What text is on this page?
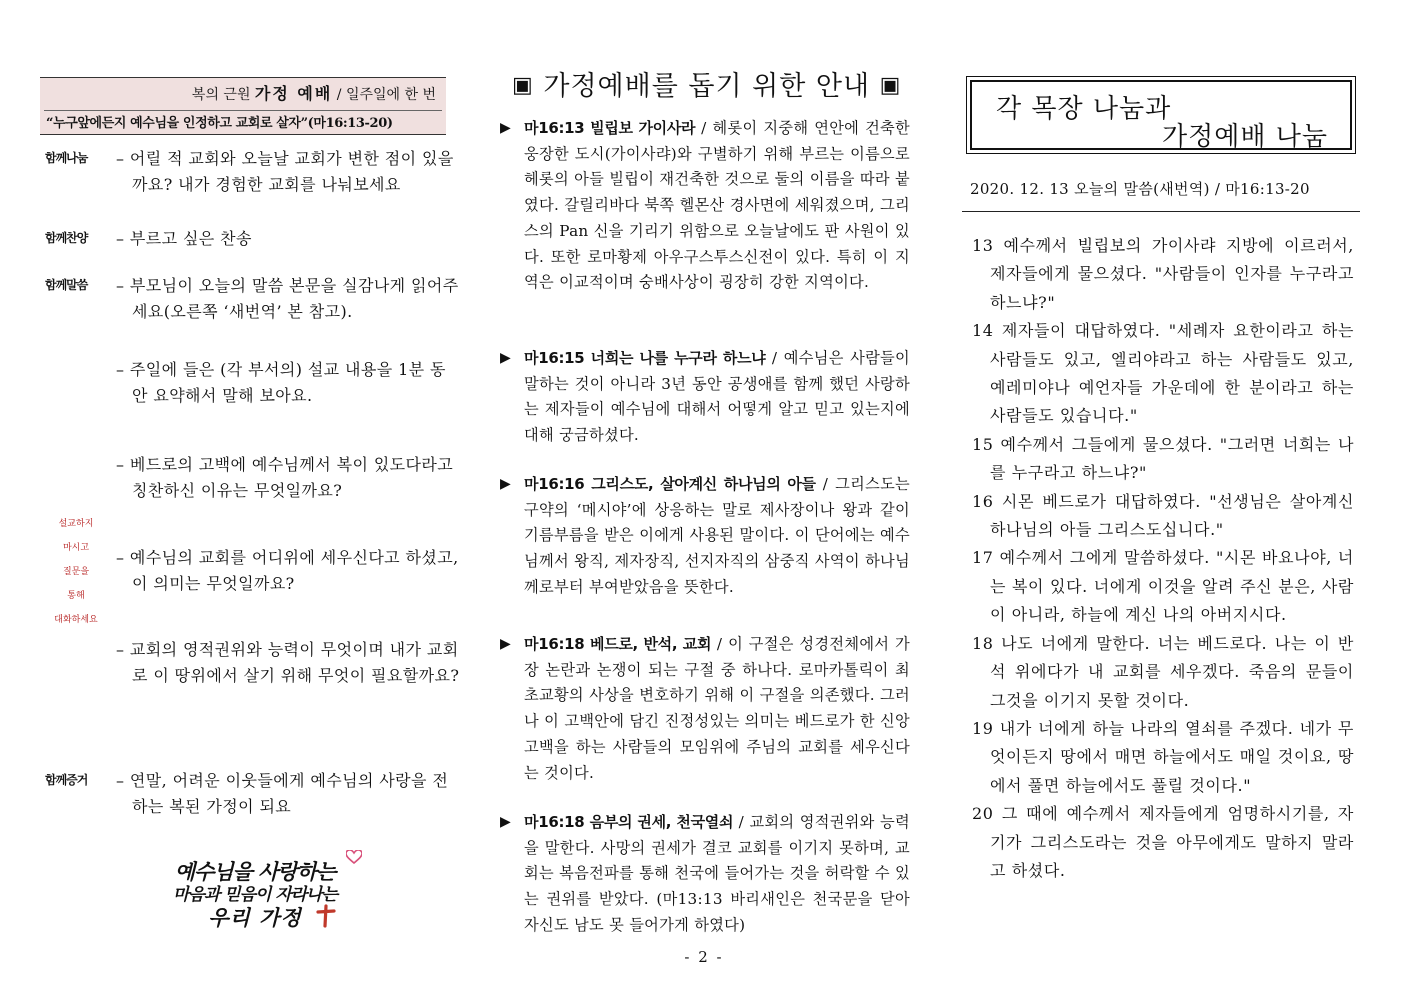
복의 근원 가정 예배 / 일주일에 한 번
“누구앞에든지 예수님을 인정하고 교회로 살자”(마16:13-20)
함께나눔 – 어릴 적 교회와 오늘날 교회가 변한 점이 있을까요? 내가 경험한 교회를 나눠보세요
함께찬양 – 부르고 싶은 찬송
함께말씀 – 부모님이 오늘의 말씀 본문을 실감나게 읽어주세요(오른쪽 ‘새번역’ 본 참고).
– 주일에 들은 (각 부서의) 설교 내용을 1분 동안 요약해서 말해 보아요.
– 베드로의 고백에 예수님께서 복이 있도다라고 칭찬하신 이유는 무엇일까요?
– 예수님의 교회를 어디위에 세우신다고 하셨고, 이 의미는 무엇일까요?
– 교회의 영적권위와 능력이 무엇이며 내가 교회로 이 땅위에서 살기 위해 무엇이 필요할까요?
함께증거 – 연말, 어려운 이웃들에게 예수님의 사랑을 전하는 복된 가정이 되요
설교하지
마시고
질문을
통해
대화하세요
예수님을 사랑하는
마음과 믿음이 자라나는
우리 가정
▣ 가정예배를 돕기 위한 안내 ▣
▶ 마16:13 빌립보 가이사라 / 헤롯이 지중해 연안에 건축한 웅장한 도시(가이사랴)와 구별하기 위해 부르는 이름으로 헤롯의 아들 빌립이 재건축한 것으로 둘의 이름을 따라 붙였다. 갈릴리바다 북쪽 헬몬산 경사면에 세워졌으며, 그리스의 Pan 신을 기리기 위함으로 오늘날에도 판 사원이 있다. 또한 로마황제 아우구스투스신전이 있다. 특히 이 지역은 이교적이며 숭배사상이 굉장히 강한 지역이다.
▶ 마16:15 너희는 나를 누구라 하느냐 / 예수님은 사람들이 말하는 것이 아니라 3년 동안 공생애를 함께 했던 사랑하는 제자들이 예수님에 대해서 어떻게 알고 믿고 있는지에 대해 궁금하셨다.
▶ 마16:16 그리스도, 살아계신 하나님의 아들 / 그리스도는 구약의 ‘메시야’에 상응하는 말로 제사장이나 왕과 같이 기름부름을 받은 이에게 사용된 말이다. 이 단어에는 예수님께서 왕직, 제자장직, 선지자직의 삼중직 사역이 하나님께로부터 부여받았음을 뜻한다.
▶ 마16:18 베드로, 반석, 교회 / 이 구절은 성경전체에서 가장 논란과 논쟁이 되는 구절 중 하나다. 로마카톨릭이 최초교황의 사상을 변호하기 위해 이 구절을 의존했다. 그러나 이 고백안에 담긴 진정성있는 의미는 베드로가 한 신앙고백을 하는 사람들의 모임위에 주님의 교회를 세우신다는 것이다.
▶ 마16:18 음부의 권세, 천국열쇠 / 교회의 영적권위와 능력을 말한다. 사망의 권세가 결코 교회를 이기지 못하며, 교회는 복음전파를 통해 천국에 들어가는 것을 허락할 수 있는 권위를 받았다. (마13:13 바리새인은 천국문을 닫아 자신도 남도 못 들어가게 하였다)
- 2 -
각 목장 나눔과
가정예배 나눔
2020. 12. 13 오늘의 말씀(새번역) / 마16:13-20
13 예수께서 빌립보의 가이사랴 지방에 이르러서, 제자들에게 물으셨다. "사람들이 인자를 누구라고 하느냐?"
14 제자들이 대답하였다. "세례자 요한이라고 하는 사람들도 있고, 엘리야라고 하는 사람들도 있고, 예레미야나 예언자들 가운데에 한 분이라고 하는 사람들도 있습니다."
15 예수께서 그들에게 물으셨다. "그러면 너희는 나를 누구라고 하느냐?"
16 시몬 베드로가 대답하였다. "선생님은 살아계신 하나님의 아들 그리스도십니다."
17 예수께서 그에게 말씀하셨다. "시몬 바요나야, 너는 복이 있다. 너에게 이것을 알려 주신 분은, 사람이 아니라, 하늘에 계신 나의 아버지시다.
18 나도 너에게 말한다. 너는 베드로다. 나는 이 반석 위에다가 내 교회를 세우겠다. 죽음의 문들이 그것을 이기지 못할 것이다.
19 내가 너에게 하늘 나라의 열쇠를 주겠다. 네가 무엇이든지 땅에서 매면 하늘에서도 매일 것이요, 땅에서 풀면 하늘에서도 풀릴 것이다."
20 그 때에 예수께서 제자들에게 엄명하시기를, 자기가 그리스도라는 것을 아무에게도 말하지 말라고 하셨다.
